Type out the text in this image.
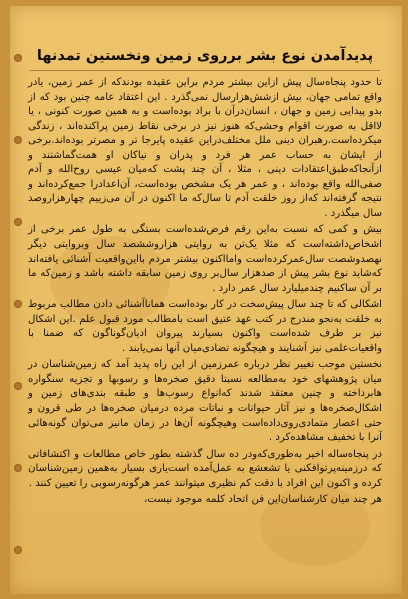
پدیدآمدن نوع بشر برروی زمین ونخستین تمدنها

تا حدود پنجاه‌سال پیش ازاین بیشتر مردم براین عقیده بودندکه از عمر زمین، یادر واقع تمامی جهان، بیش ازشش‌هزارسال نمی‌گذرد . این اعتقاد عامه چنین بود که از بدو پیدایی زمین و جهان ، انسان‌درآن با براد بوده‌است و به همین صورت کنونی ، یا لااقل به صورت اقوام وحشی‌که هنوز نیز در برخی نقاط زمین پراکنده‌اند ، زندگی میکرده‌است.رهبران دینی ملل مختلف‌دراین عقیده پایرجا تر و مصرتر بوده‌اند.برخی از ایشان به حساب عمر هر فرد و پدران و نیاکان او همت‌گماشتند و ازآنجاکه‌طبق‌اعتقادات دینی ، مثلا ، آن چند پشت که‌میان عیسی روح‌الله و آدم صفی‌الله واقع بوده‌اند ، و عمر هر یک مشخص بوده‌است، آن‌اعداد‌را جمع‌کرده‌اند و نتیجه گرفته‌اند که‌از روز خلقت آدم تا سال‌که ما اکنون در آن می‌زییم چهارهزاروصد سال میگذرد .

بیش و کمی که نسبت به‌این رقم فرض‌شده‌است بستگی به طول عمر برخی از اشخاص‌داشته‌است که مثلا یک‌تن به روایتی هزاروششصد سال وبروایتی دیگر نهصدوشصت سال‌عمرکرده‌است وامااکنون بیشتر مردم بااین‌واقعیت آشنائی یافته‌اند که‌شاید نوع بشر پیش از صدهزار سال‌بر روی زمین سابقه داشته باشد و زمین‌که ما بر آن ساکنیم چندمیلیارد سال عمر دارد .

اشکالی که تا چند سال پیش‌سخت در کار بوده‌است همانا‌آشنائی دادن مطالب مربوط به خلقت به‌نحو مندرج در کتب عهد عتیق است بامطالب مورد قبول علم .این اشکال نیز بر طرف شده‌است واکنون بسیارند پیروان ادیان‌گوناگون که ضمنا با واقعیات‌علمی نیز آشنایند و هیچگونه تضادی‌میان آنها نمی‌یابند .

نخستین موجب تغییر نظر درباره عمرزمین از این راه پدید آمد که زمین‌شناسان در میان پژوهشهای خود به‌مطالعه نسبتا دقیق صخره‌ها و رسوبها و تجزیه سنگواره هابرداخته و چنین معتقد شدند که‌انواع رسوب‌ها و طبقه بندی‌های زمین و اشکال‌صخره‌ها و نیز آثار حیوانات و نباتات مرده درمیان صخره‌ها در طی قرون و حتی اعصار متمادی‌روی‌داده‌است وهیچگونه آن‌ها در زمان مانیز می‌توان گونه‌هائی آنرا با تخفیف مشاهده‌کرد .

در پنجاه‌ساله اخیر به‌طوری‌که‌ودر ده سال گذشته بطور خاص مطالعات و اکتشافاتی که درزمینه‌پرتوافکنی یا تشعشع به عمل‌آمده است‌یاری بسیار به‌همین زمین‌شناسان کرده و اکنون این افراد با دقت کم نظیری میتوانند عمر هرگونه‌رسوبی را تعیین کنند .

هر چند میان کارشناسان‌این فن اتحاد کلمه موجود نیست،
